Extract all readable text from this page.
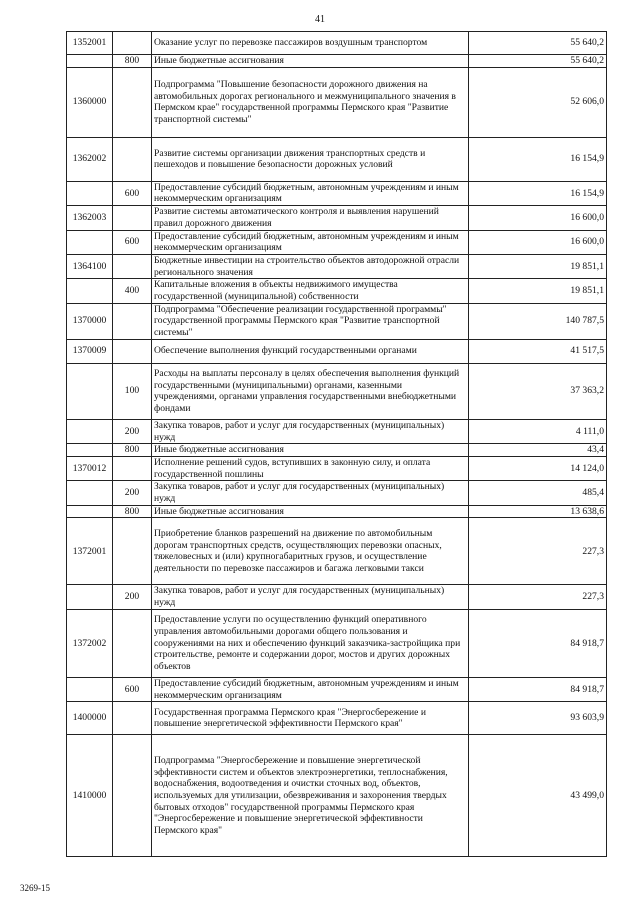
41
1352001		Оказание услуг по перевозке пассажиров воздушным транспортом	55 640,2
	800	Иные бюджетные ассигнования	55 640,2
1360000		Подпрограмма "Повышение безопасности дорожного движения на автомобильных дорогах регионального и межмуниципального значения в Пермском крае" государственной программы Пермского края "Развитие транспортной системы"	52 606,0
1362002		Развитие системы организации движения транспортных средств и пешеходов и повышение безопасности дорожных условий	16 154,9
	600	Предоставление субсидий бюджетным, автономным учреждениям и иным некоммерческим организациям	16 154,9
1362003		Развитие системы автоматического контроля и выявления нарушений правил дорожного движения	16 600,0
	600	Предоставление субсидий бюджетным, автономным учреждениям и иным некоммерческим организациям	16 600,0
1364100		Бюджетные инвестиции на строительство объектов автодорожной отрасли регионального значения	19 851,1
	400	Капитальные вложения в объекты недвижимого имущества государственной (муниципальной) собственности	19 851,1
1370000		Подпрограмма "Обеспечение реализации государственной программы" государственной программы Пермского края "Развитие транспортной системы"	140 787,5
1370009		Обеспечение выполнения функций государственными органами	41 517,5
	100	Расходы на выплаты персоналу в целях обеспечения выполнения функций государственными (муниципальными) органами, казенными учреждениями, органами управления государственными внебюджетными фондами	37 363,2
	200	Закупка товаров, работ и услуг для государственных (муниципальных) нужд	4 111,0
	800	Иные бюджетные ассигнования	43,4
1370012		Исполнение решений судов, вступивших в законную силу, и оплата государственной пошлины	14 124,0
	200	Закупка товаров, работ и услуг для государственных (муниципальных) нужд	485,4
	800	Иные бюджетные ассигнования	13 638,6
1372001		Приобретение бланков разрешений на движение по автомобильным дорогам транспортных средств, осуществляющих перевозки опасных, тяжеловесных и (или) крупногабаритных грузов, и осуществление деятельности по перевозке пассажиров и багажа легковыми такси	227,3
	200	Закупка товаров, работ и услуг для государственных (муниципальных) нужд	227,3
1372002		Предоставление услуги по осуществлению функций оперативного управления автомобильными дорогами общего пользования и сооружениями на них и обеспечению функций заказчика-застройщика при строительстве, ремонте и содержании дорог, мостов и других дорожных объектов	84 918,7
	600	Предоставление субсидий бюджетным, автономным учреждениям и иным некоммерческим организациям	84 918,7
1400000		Государственная программа Пермского края "Энергосбережение и повышение энергетической эффективности Пермского края"	93 603,9
1410000		Подпрограмма "Энергосбережение и повышение энергетической эффективности систем и объектов электроэнергетики, теплоснабжения, водоснабжения, водоотведения и очистки сточных вод, объектов, используемых для утилизации, обезвреживания и захоронения твердых бытовых отходов" государственной программы Пермского края "Энергосбережение и повышение энергетической эффективности Пермского края"	43 499,0
3269-15
